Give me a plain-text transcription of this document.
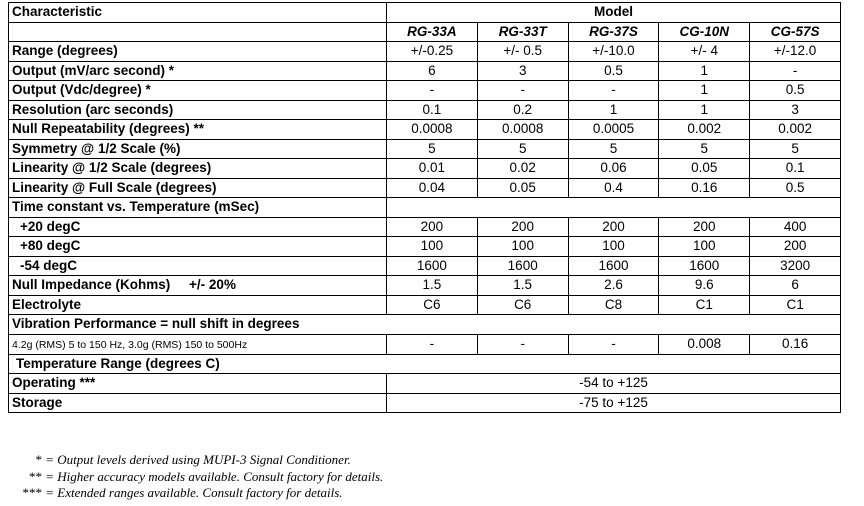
Characteristic	Model				
	RG-33A	RG-33T	RG-37S	CG-10N	CG-57S
Range (degrees)	+/-0.25	+/- 0.5	+/-10.0	+/- 4	+/-12.0
Output (mV/arc second) *	6	3	0.5	1	-
Output (Vdc/degree) *	-	-	-	1	0.5
Resolution (arc seconds)	0.1	0.2	1	1	3
Null Repeatability (degrees) **	0.0008	0.0008	0.0005	0.002	0.002
Symmetry @ 1/2 Scale (%)	5	5	5	5	5
Linearity @ 1/2 Scale (degrees)	0.01	0.02	0.06	0.05	0.1
Linearity @ Full Scale (degrees)	0.04	0.05	0.4	0.16	0.5
Time constant vs. Temperature (mSec)					
+20 degC	200	200	200	200	400
+80 degC	100	100	100	100	200
-54 degC	1600	1600	1600	1600	3200
Null Impedance (Kohms) +/- 20%	1.5	1.5	2.6	9.6	6
Electrolyte	C6	C6	C8	C1	C1
Vibration Performance = null shift in degrees					
4.2g (RMS) 5 to 150 Hz, 3.0g (RMS) 150 to 500Hz	-	-	-	0.008	0.16
Temperature Range (degrees C)					
Operating ***	-54 to +125				
Storage	-75 to +125				
* = Output levels derived using MUPI-3 Signal Conditioner.
** = Higher accuracy models available. Consult factory for details.
*** = Extended ranges available. Consult factory for details.
